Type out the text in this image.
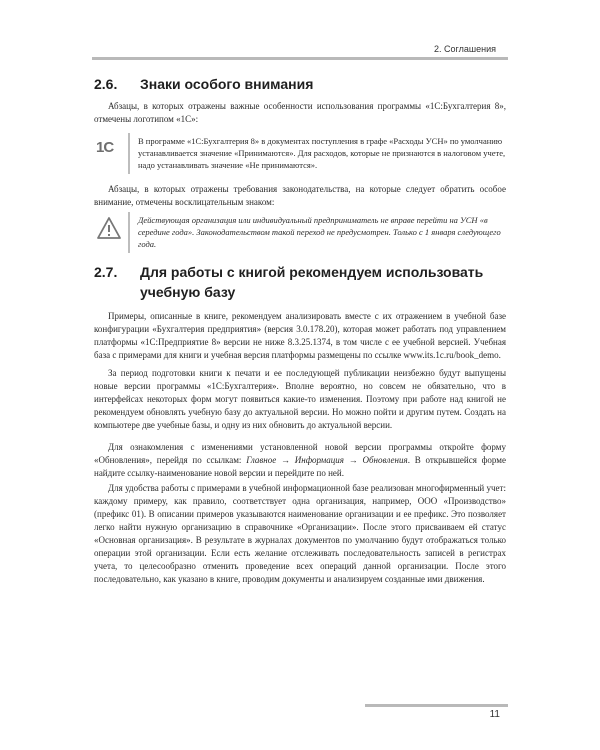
2. Соглашения
2.6. Знаки особого внимания

Абзацы, в которых отражены важные особенности использования программы «1С:Бухгалтерия 8», отмечены логотипом «1С»:

1С	В программе «1С:Бухгалтерия 8» в документах поступления в графе «Расходы УСН» по умолчанию устанавливается значение «Принимаются». Для расходов, которые не признаются в налоговом учете, надо устанавливать значение «Не принимаются».

Абзацы, в которых отражены требования законодательства, на которые следует обратить особое внимание, отмечены восклицательным знаком:

Действующая организация или индивидуальный предприниматель не вправе перейти на УСН «в середине года». Законодательством такой переход не предусмотрен. Только с 1 января следующего года.
2.7. Для работы с книгой рекомендуем использовать
учебную базу

Примеры, описанные в книге, рекомендуем анализировать вместе с их отражением в учебной базе конфигурации «Бухгалтерия предприятия» (версия 3.0.178.20), которая может работать под управлением платформы «1С:Предприятие 8» версии не ниже 8.3.25.1374, в том числе с ее учебной версией. Учебная база с примерами для книги и учебная версия платформы размещены по ссылке www.its.1c.ru/book_demo.

За период подготовки книги к печати и ее последующей публикации неизбежно будут выпущены новые версии программы «1С:Бухгалтерия». Вполне вероятно, но совсем не обязательно, что в интерфейсах некоторых форм могут появиться какие-то изменения. Поэтому при работе над книгой не рекомендуем обновлять учебную базу до актуальной версии. Но можно пойти и другим путем. Создать на компьютере две учебные базы, и одну из них обновить до актуальной версии.

Для ознакомления с изменениями установленной новой версии программы откройте форму «Обновления», перейдя по ссылкам: Главное → Информация → Обновления. В открывшейся форме найдите ссылку-наименование новой версии и перейдите по ней.

Для удобства работы с примерами в учебной информационной базе реализован многофирменный учет: каждому примеру, как правило, соответствует одна организация, например, ООО «Производство» (префикс 01). В описании примеров указываются наименование организации и ее префикс. Это позволяет легко найти нужную организацию в справочнике «Организации». После этого присваиваем ей статус «Основная организация». В результате в журналах документов по умолчанию будут отображаться только операции этой организации. Если есть желание отслеживать последовательность записей в регистрах учета, то целесообразно отменить проведение всех операций данной организации. После этого последовательно, как указано в книге, проводим документы и анализируем созданные ими движения.

11
